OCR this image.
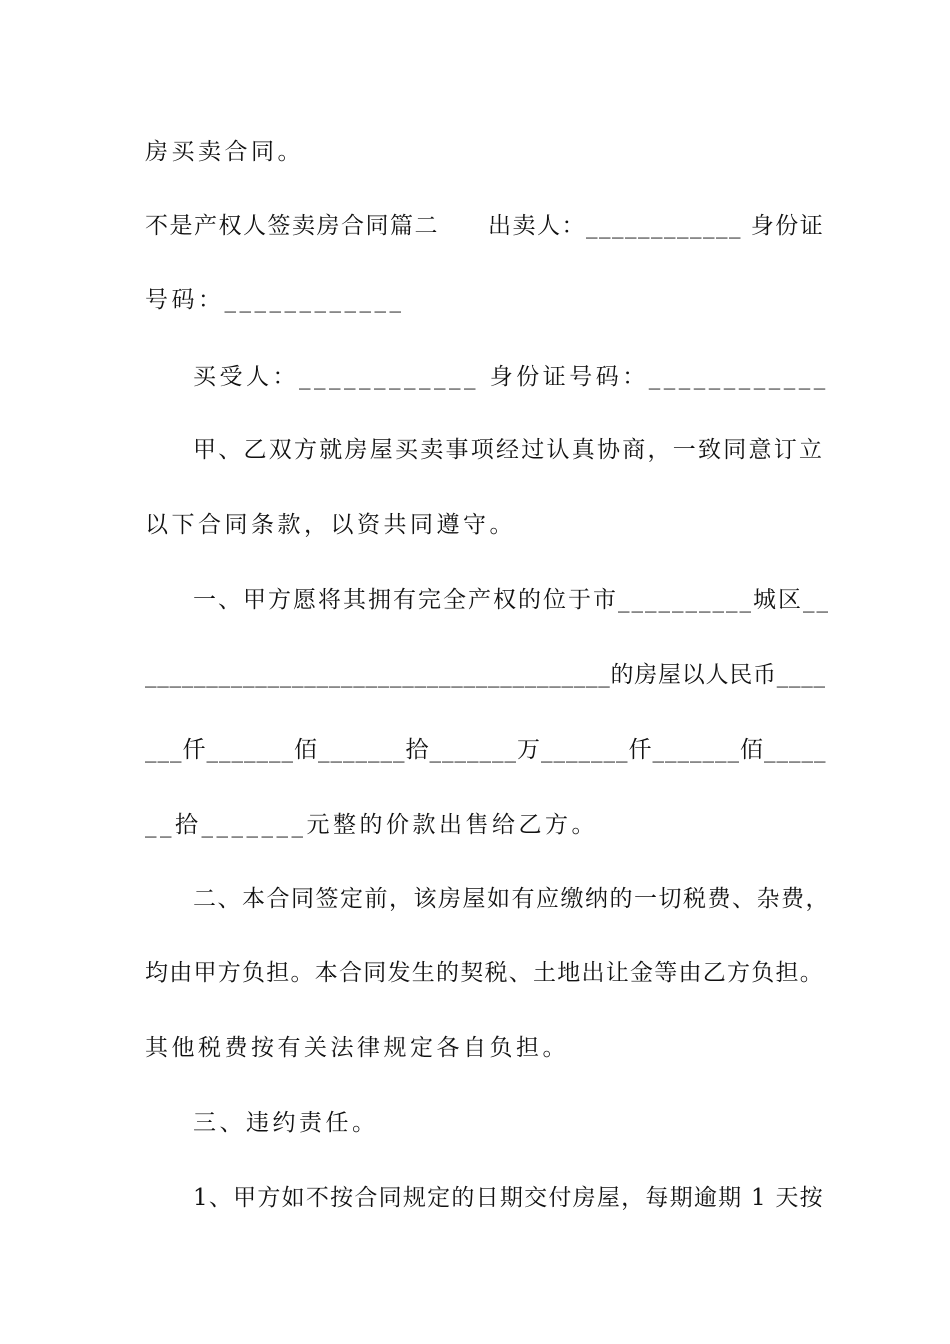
房买卖合同。
不是产权人签卖房合同篇二　　出卖人：____________ 身份证
号码：____________
买受人：____________ 身份证号码：____________
甲、乙双方就房屋买卖事项经过认真协商，一致同意订立
以下合同条款，以资共同遵守。
一、甲方愿将其拥有完全产权的位于市__________城区__
______________________________________的房屋以人民币____
___仟_______佰_______拾_______万_______仟_______佰_____
__拾_______元整的价款出售给乙方。
二、本合同签定前，该房屋如有应缴纳的一切税费、杂费，
均由甲方负担。本合同发生的契税、土地出让金等由乙方负担。
其他税费按有关法律规定各自负担。
三、违约责任。
1、甲方如不按合同规定的日期交付房屋，每期逾期 1 天按
